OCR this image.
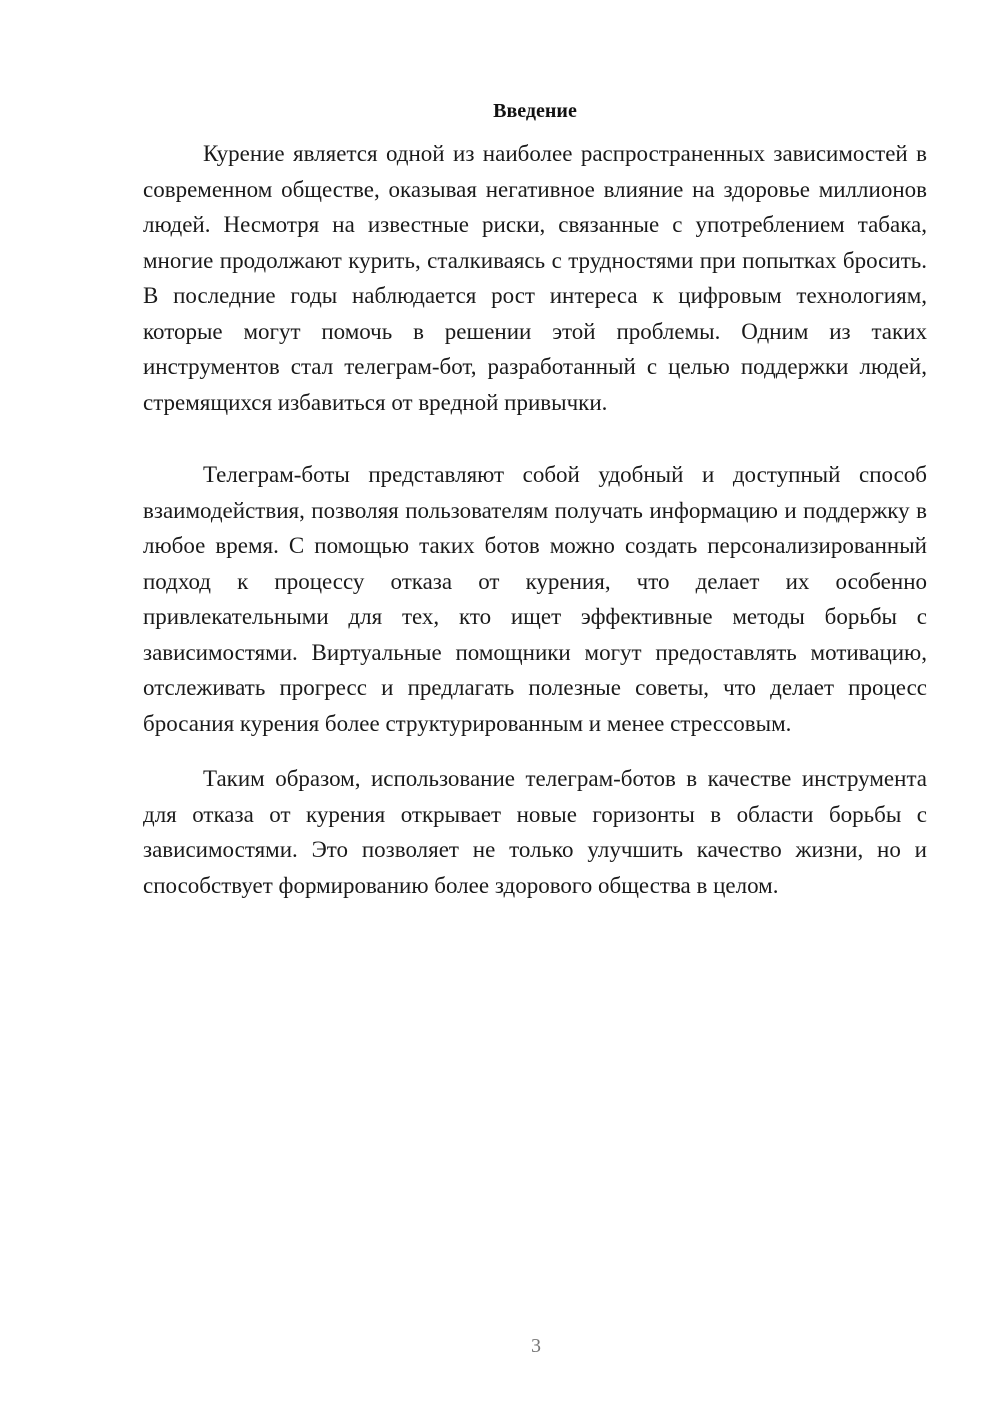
Введение

Курение является одной из наиболее распространенных зависимостей в современном обществе, оказывая негативное влияние на здоровье миллионов людей. Несмотря на известные риски, связанные с употреблением табака, многие продолжают курить, сталкиваясь с трудностями при попытках бросить. В последние годы наблюдается рост интереса к цифровым технологиям, которые могут помочь в решении этой проблемы. Одним из таких инструментов стал телеграм-бот, разработанный с целью поддержки людей, стремящихся избавиться от вредной привычки.

Телеграм-боты представляют собой удобный и доступный способ взаимодействия, позволяя пользователям получать информацию и поддержку в любое время. С помощью таких ботов можно создать персонализированный подход к процессу отказа от курения, что делает их особенно привлекательными для тех, кто ищет эффективные методы борьбы с зависимостями. Виртуальные помощники могут предоставлять мотивацию, отслеживать прогресс и предлагать полезные советы, что делает процесс бросания курения более структурированным и менее стрессовым.

Таким образом, использование телеграм-ботов в качестве инструмента для отказа от курения открывает новые горизонты в области борьбы с зависимостями. Это позволяет не только улучшить качество жизни, но и способствует формированию более здорового общества в целом.

3
